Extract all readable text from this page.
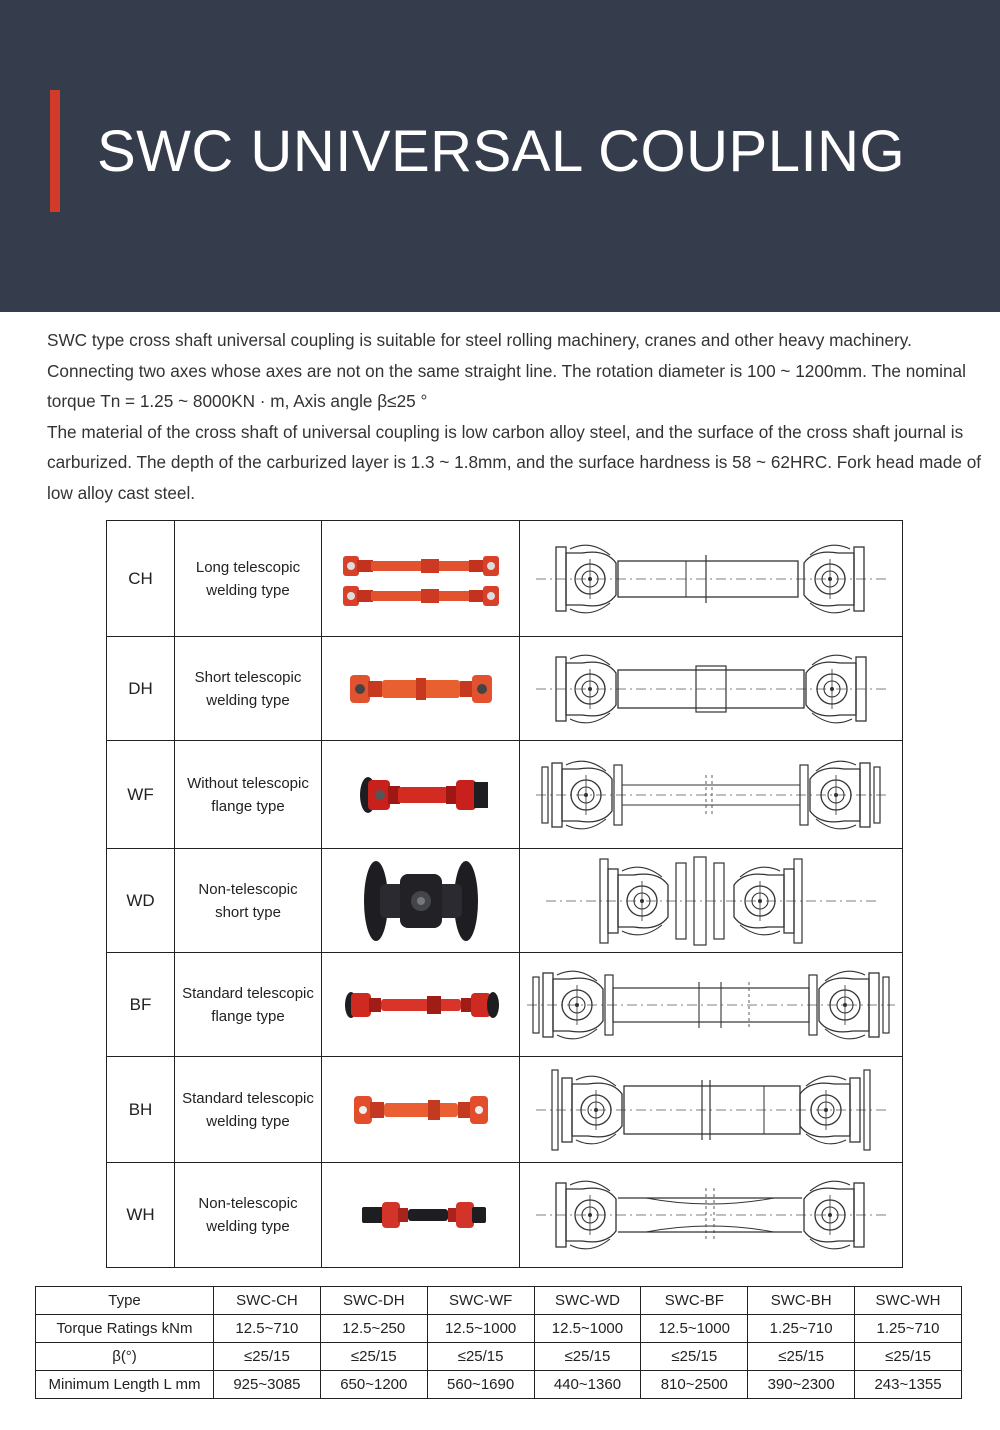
SWC UNIVERSAL COUPLING

SWC type cross shaft universal coupling is suitable for steel rolling machinery, cranes and other heavy machinery. Connecting two axes whose axes are not on the same straight line. The rotation diameter is 100 ~ 1200mm. The nominal torque Tn = 1.25 ~ 8000KN · m, Axis angle β≤25 °

The material of the cross shaft of universal coupling is low carbon alloy steel, and the surface of the cross shaft journal is carburized. The depth of the carburized layer is 1.3 ~ 1.8mm, and the surface hardness is 58 ~ 62HRC. Fork head made of low alloy cast steel.

CH	Long telescopic
welding type

DH	Short telescopic
welding type

WF	Without telescopic
flange type

WD	Non-telescopic
short type

BF	Standard telescopic
flange type

BH	Standard telescopic
welding type

WH	Non-telescopic
welding type

Type	SWC-CH	SWC-DH	SWC-WF	SWC-WD	SWC-BF	SWC-BH	SWC-WH
Torque Ratings kNm	12.5~710	12.5~250	12.5~1000	12.5~1000	12.5~1000	1.25~710	1.25~710
β(°)	≤25/15	≤25/15	≤25/15	≤25/15	≤25/15	≤25/15	≤25/15
Minimum Length L mm	925~3085	650~1200	560~1690	440~1360	810~2500	390~2300	243~1355
